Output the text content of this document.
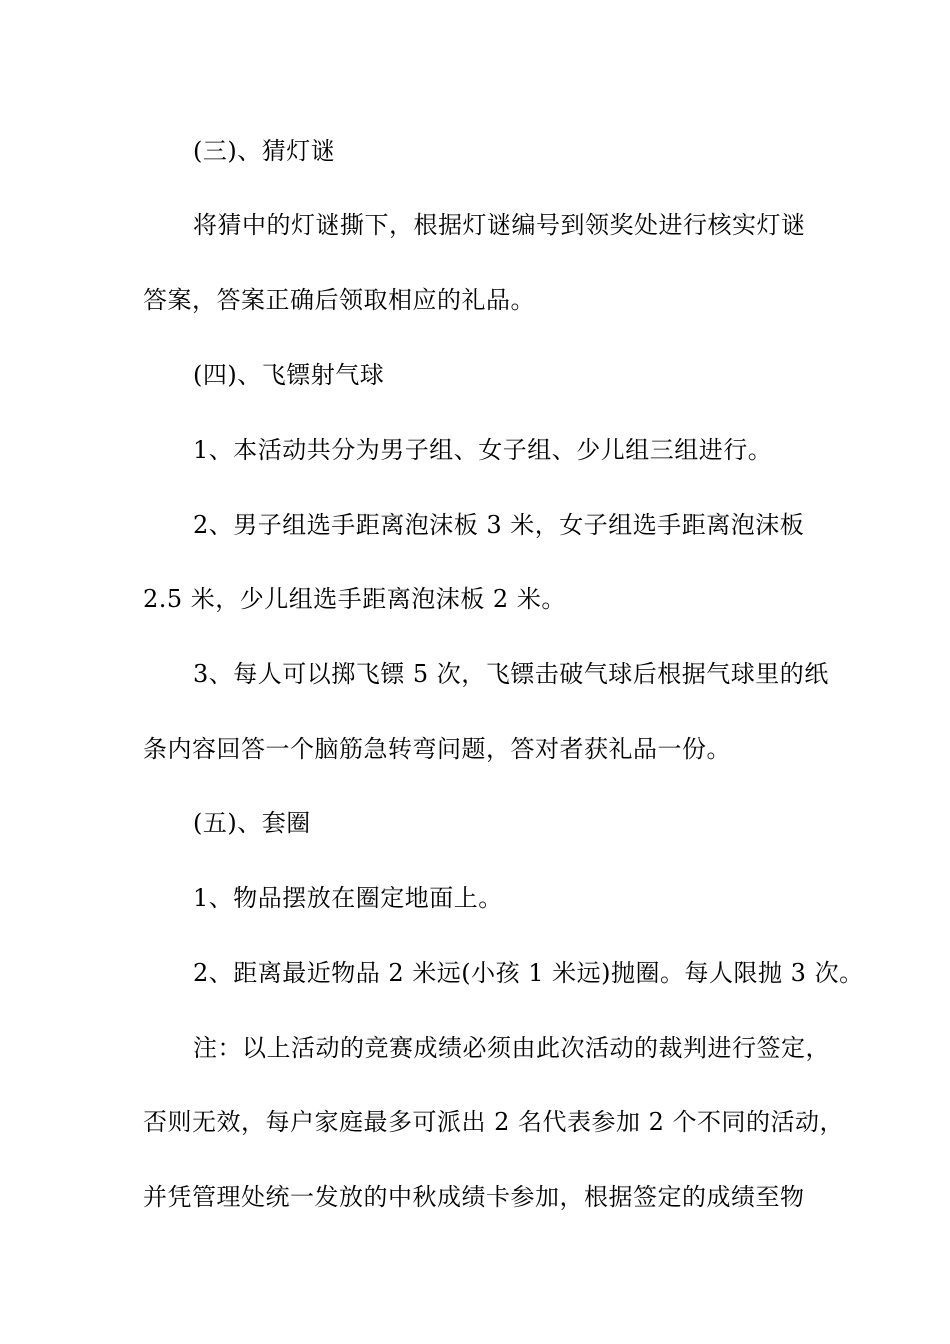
(三)、猜灯谜
将猜中的灯谜撕下，根据灯谜编号到领奖处进行核实灯谜
答案，答案正确后领取相应的礼品。
(四)、飞镖射气球
1、本活动共分为男子组、女子组、少儿组三组进行。
2、男子组选手距离泡沫板 3 米，女子组选手距离泡沫板
2.5 米，少儿组选手距离泡沫板 2 米。
3、每人可以掷飞镖 5 次，飞镖击破气球后根据气球里的纸
条内容回答一个脑筋急转弯问题，答对者获礼品一份。
(五)、套圈
1、物品摆放在圈定地面上。
2、距离最近物品 2 米远(小孩 1 米远)抛圈。每人限抛 3 次。
注：以上活动的竞赛成绩必须由此次活动的裁判进行签定，
否则无效，每户家庭最多可派出 2 名代表参加 2 个不同的活动，
并凭管理处统一发放的中秋成绩卡参加，根据签定的成绩至物
